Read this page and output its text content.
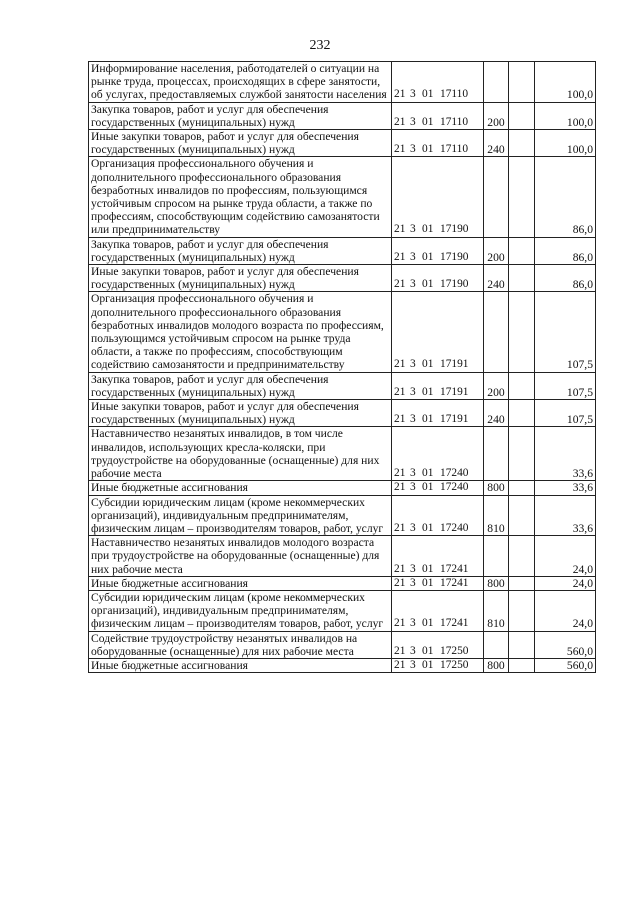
232
Информирование населения, работодателей о ситуации на рынке труда, процессах, происходящих в сфере занятости, об услугах, предоставляемых службой занятости населения	21 3 01 17110			100,0
Закупка товаров, работ и услуг для обеспечения государственных (муниципальных) нужд	21 3 01 17110	200		100,0
Иные закупки товаров, работ и услуг для обеспечения государственных (муниципальных) нужд	21 3 01 17110	240		100,0
Организация профессионального обучения и дополнительного профессионального образования безработных инвалидов по профессиям, пользующимся устойчивым спросом на рынке труда области, а также по профессиям, способствующим содействию самозанятости или предпринимательству	21 3 01 17190			86,0
Закупка товаров, работ и услуг для обеспечения государственных (муниципальных) нужд	21 3 01 17190	200		86,0
Иные закупки товаров, работ и услуг для обеспечения государственных (муниципальных) нужд	21 3 01 17190	240		86,0
Организация профессионального обучения и дополнительного профессионального образования безработных инвалидов молодого возраста по профессиям, пользующимся устойчивым спросом на рынке труда области, а также по профессиям, способствующим содействию самозанятости и предпринимательству	21 3 01 17191			107,5
Закупка товаров, работ и услуг для обеспечения государственных (муниципальных) нужд	21 3 01 17191	200		107,5
Иные закупки товаров, работ и услуг для обеспечения государственных (муниципальных) нужд	21 3 01 17191	240		107,5
Наставничество незанятых инвалидов, в том числе инвалидов, использующих кресла-коляски, при трудоустройстве на оборудованные (оснащенные) для них рабочие места	21 3 01 17240			33,6
Иные бюджетные ассигнования	21 3 01 17240	800		33,6
Субсидии юридическим лицам (кроме некоммерческих организаций), индивидуальным предпринимателям, физическим лицам – производителям товаров, работ, услуг	21 3 01 17240	810		33,6
Наставничество незанятых инвалидов молодого возраста при трудоустройстве на оборудованные (оснащенные) для них рабочие места	21 3 01 17241			24,0
Иные бюджетные ассигнования	21 3 01 17241	800		24,0
Субсидии юридическим лицам (кроме некоммерческих организаций), индивидуальным предпринимателям, физическим лицам – производителям товаров, работ, услуг	21 3 01 17241	810		24,0
Содействие трудоустройству незанятых инвалидов на оборудованные (оснащенные) для них рабочие места	21 3 01 17250			560,0
Иные бюджетные ассигнования	21 3 01 17250	800		560,0
